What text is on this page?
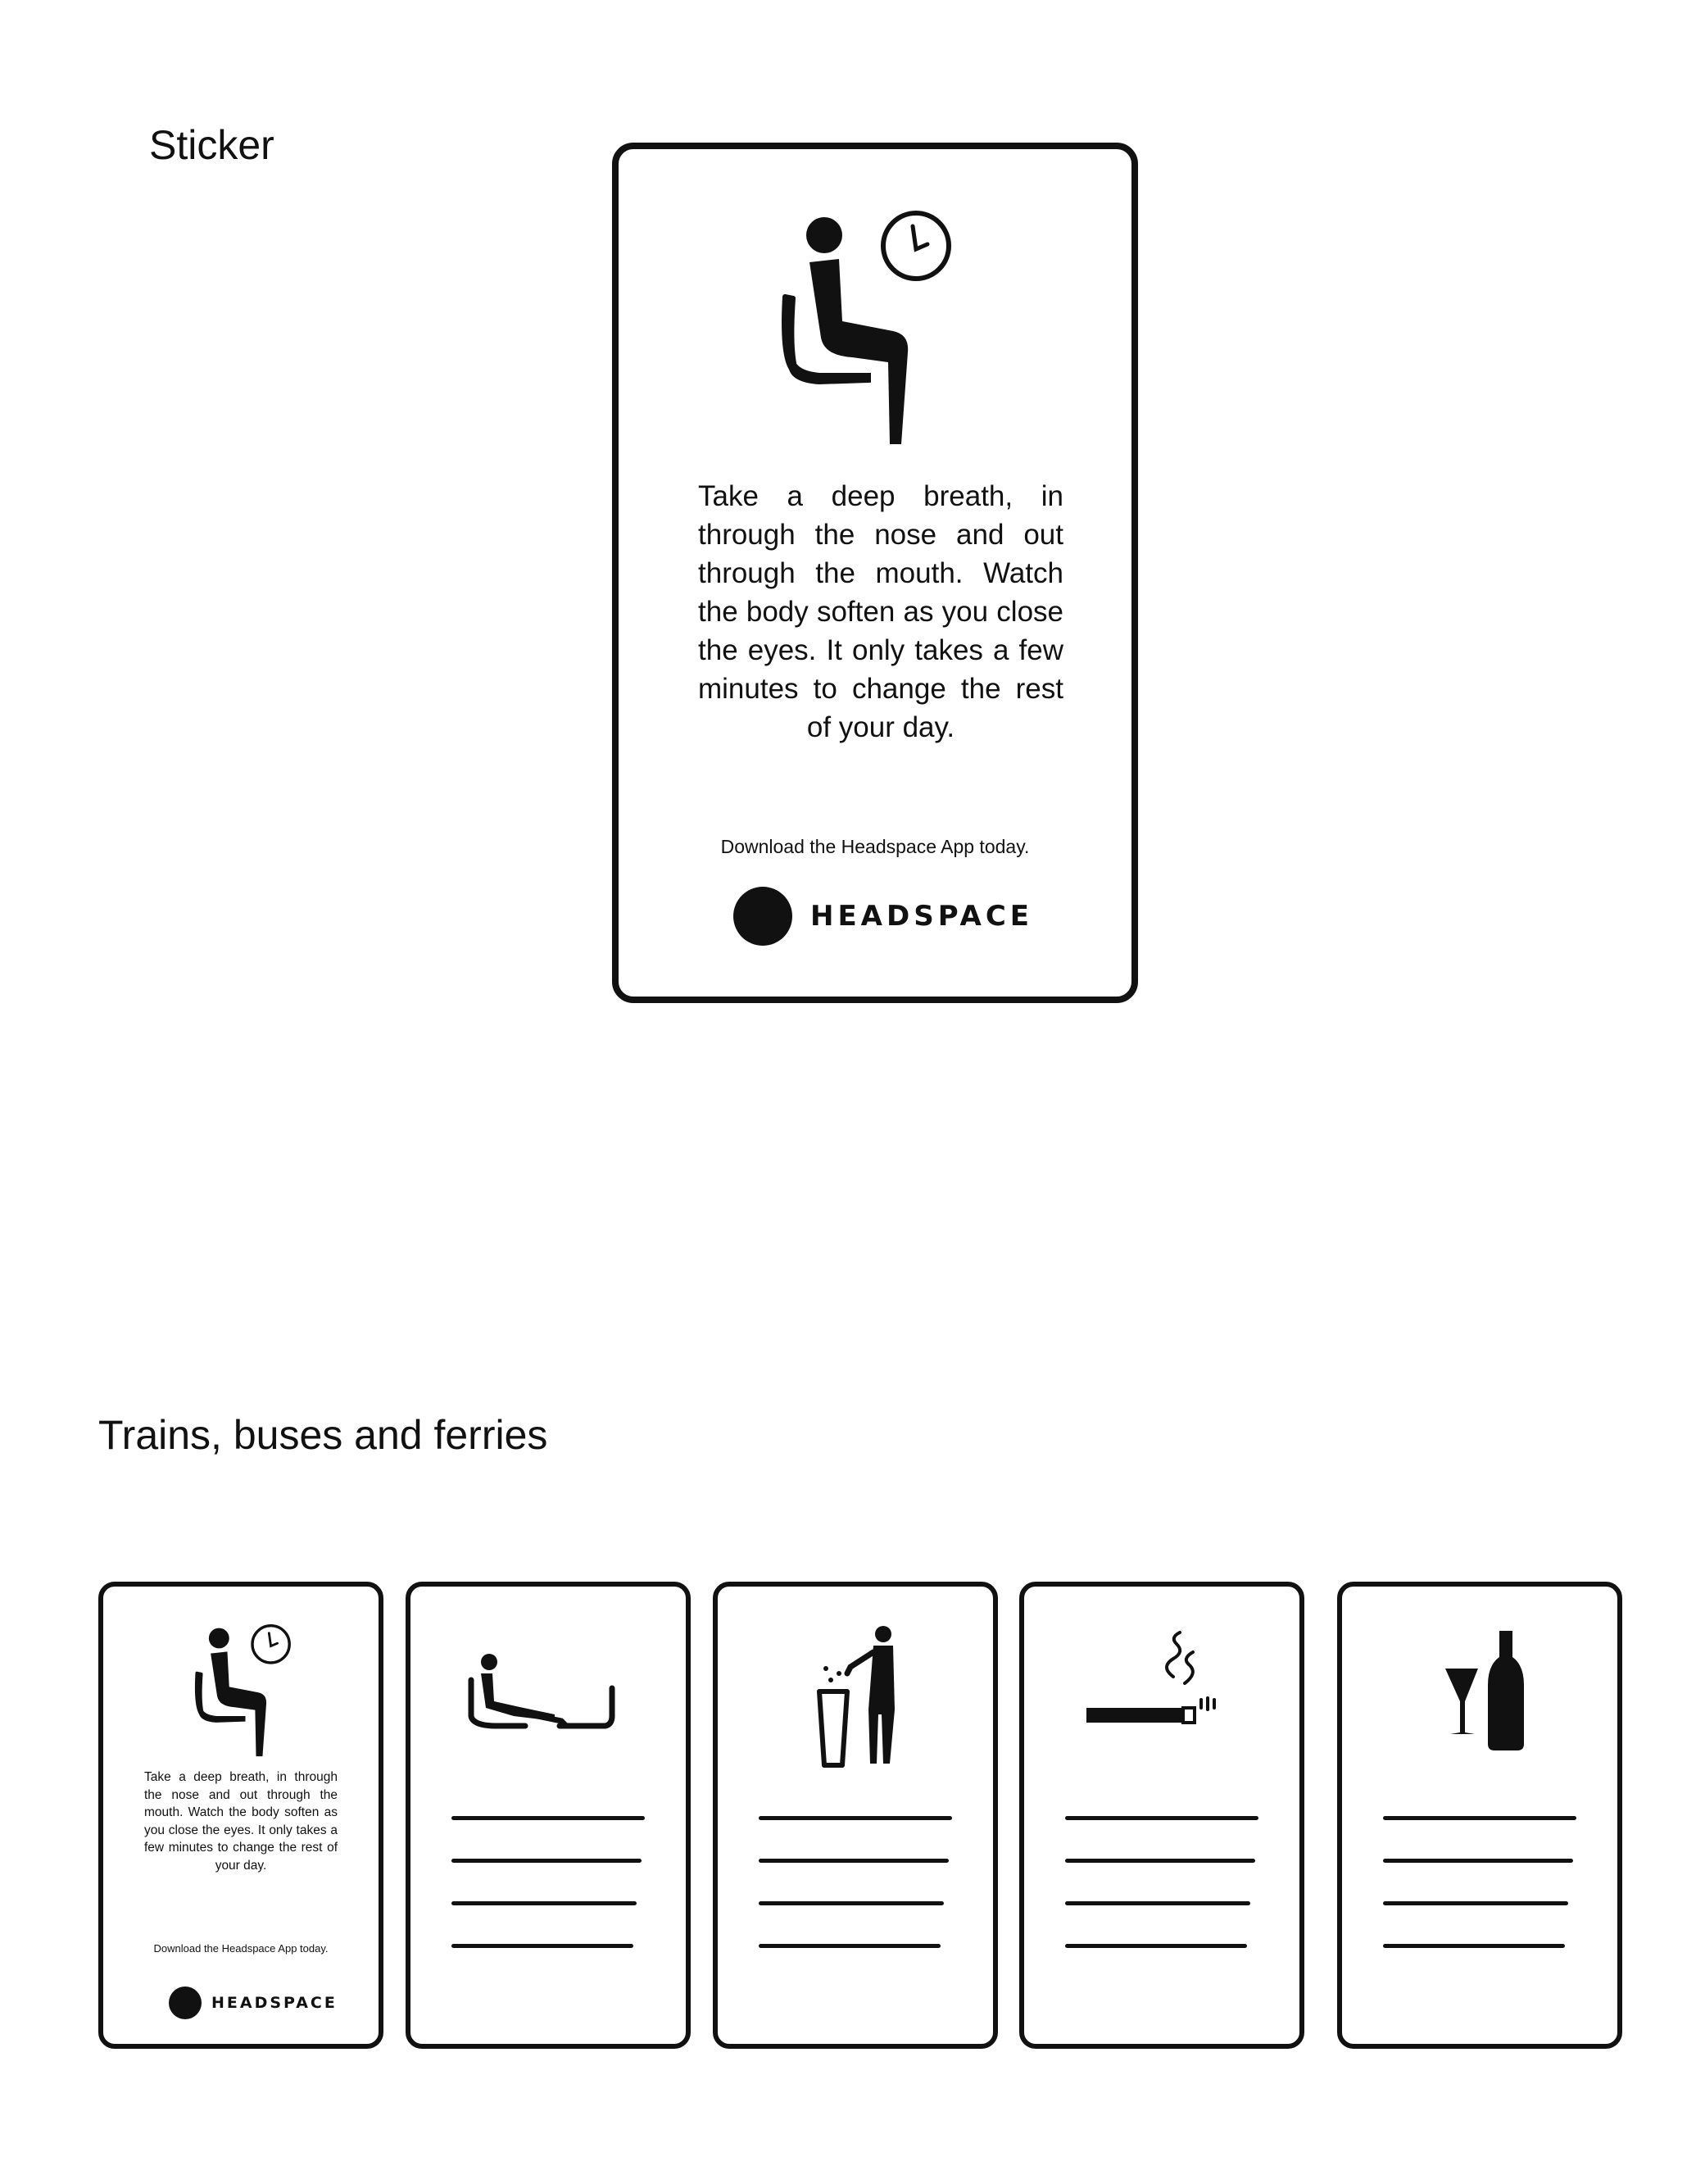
Sticker
Take a deep breath, in through the nose and out through the mouth. Watch the body soften as you close the eyes. It only takes a few minutes to change the rest of your day.
Download the Headspace App today.
HEADSPACE
Trains, buses and ferries
Take a deep breath, in through the nose and out through the mouth. Watch the body soften as you close the eyes. It only takes a few minutes to change the rest of your day.
Download the Headspace App today.
HEADSPACE
